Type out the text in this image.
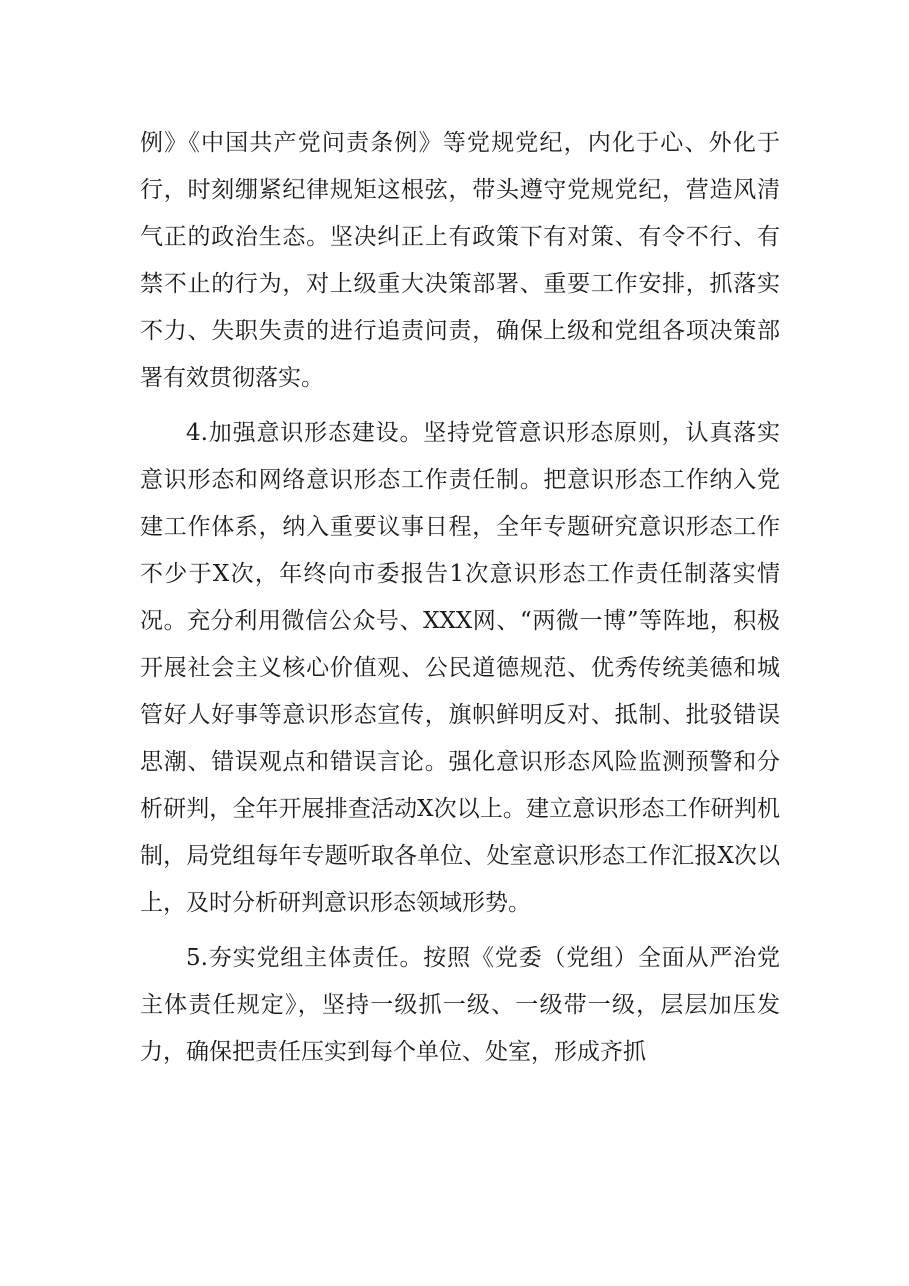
例》《中国共产党问责条例》等党规党纪，内化于心、外化于行，时刻绷紧纪律规矩这根弦，带头遵守党规党纪，营造风清气正的政治生态。坚决纠正上有政策下有对策、有令不行、有禁不止的行为，对上级重大决策部署、重要工作安排，抓落实不力、失职失责的进行追责问责，确保上级和党组各项决策部署有效贯彻落实。

4.加强意识形态建设。坚持党管意识形态原则，认真落实意识形态和网络意识形态工作责任制。把意识形态工作纳入党建工作体系，纳入重要议事日程，全年专题研究意识形态工作不少于X次，年终向市委报告1次意识形态工作责任制落实情况。充分利用微信公众号、XXX网、“两微一博”等阵地，积极开展社会主义核心价值观、公民道德规范、优秀传统美德和城管好人好事等意识形态宣传，旗帜鲜明反对、抵制、批驳错误思潮、错误观点和错误言论。强化意识形态风险监测预警和分析研判，全年开展排查活动X次以上。建立意识形态工作研判机制，局党组每年专题听取各单位、处室意识形态工作汇报X次以上，及时分析研判意识形态领域形势。

5.夯实党组主体责任。按照《党委（党组）全面从严治党主体责任规定》，坚持一级抓一级、一级带一级，层层加压发力，确保把责任压实到每个单位、处室，形成齐抓
